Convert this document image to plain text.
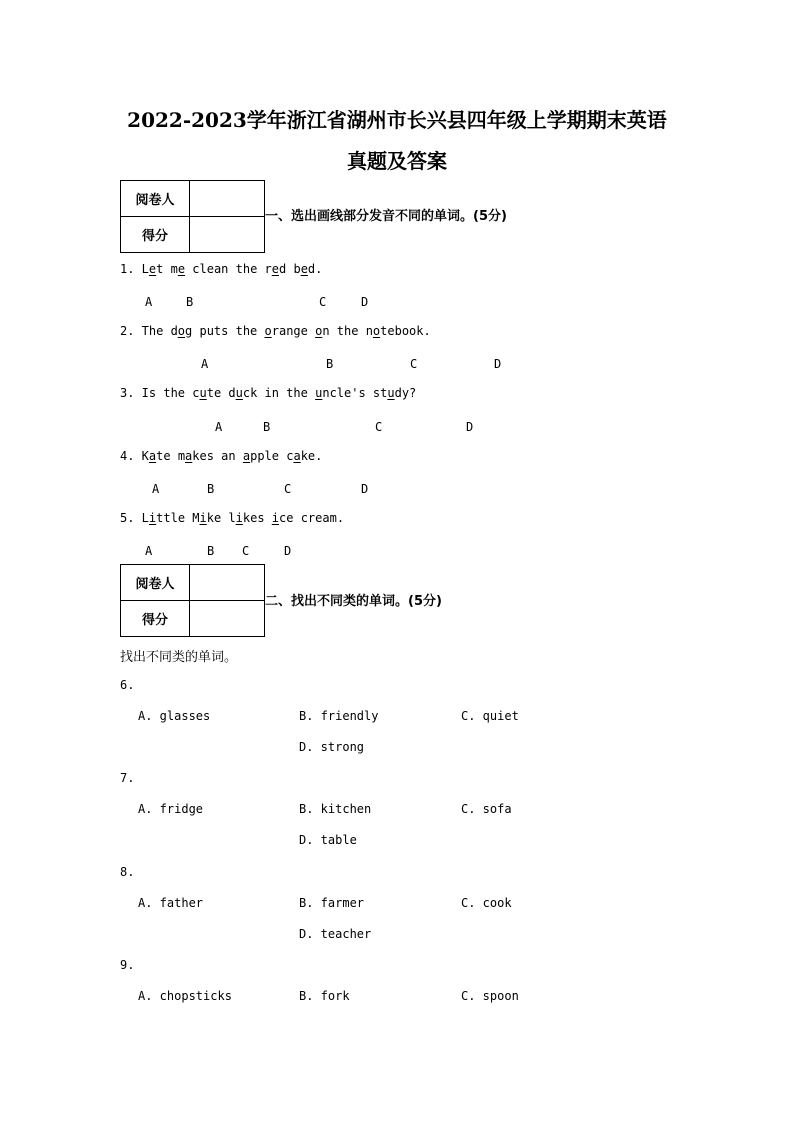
2022-2023学年浙江省湖州市长兴县四年级上学期期末英语
真题及答案
阅卷人	
得分	
一、选出画线部分发音不同的单词。(5分)
1. Let me clean the red bed.
A	B	C	D
2. The dog puts the orange on the notebook.
A	B	C	D
3. Is the cute duck in the uncle's study?
A	B	C	D
4. Kate makes an apple cake.
A	B	C	D
5. Little Mike likes ice cream.
A	B C	D
阅卷人	
得分	
二、找出不同类的单词。(5分)
找出不同类的单词。
6.
A. glasses	B. friendly	C. quiet
D. strong
7.
A. fridge	B. kitchen	C. sofa
D. table
8.
A. father	B. farmer	C. cook
D. teacher
9.
A. chopsticks	B. fork	C. spoon
